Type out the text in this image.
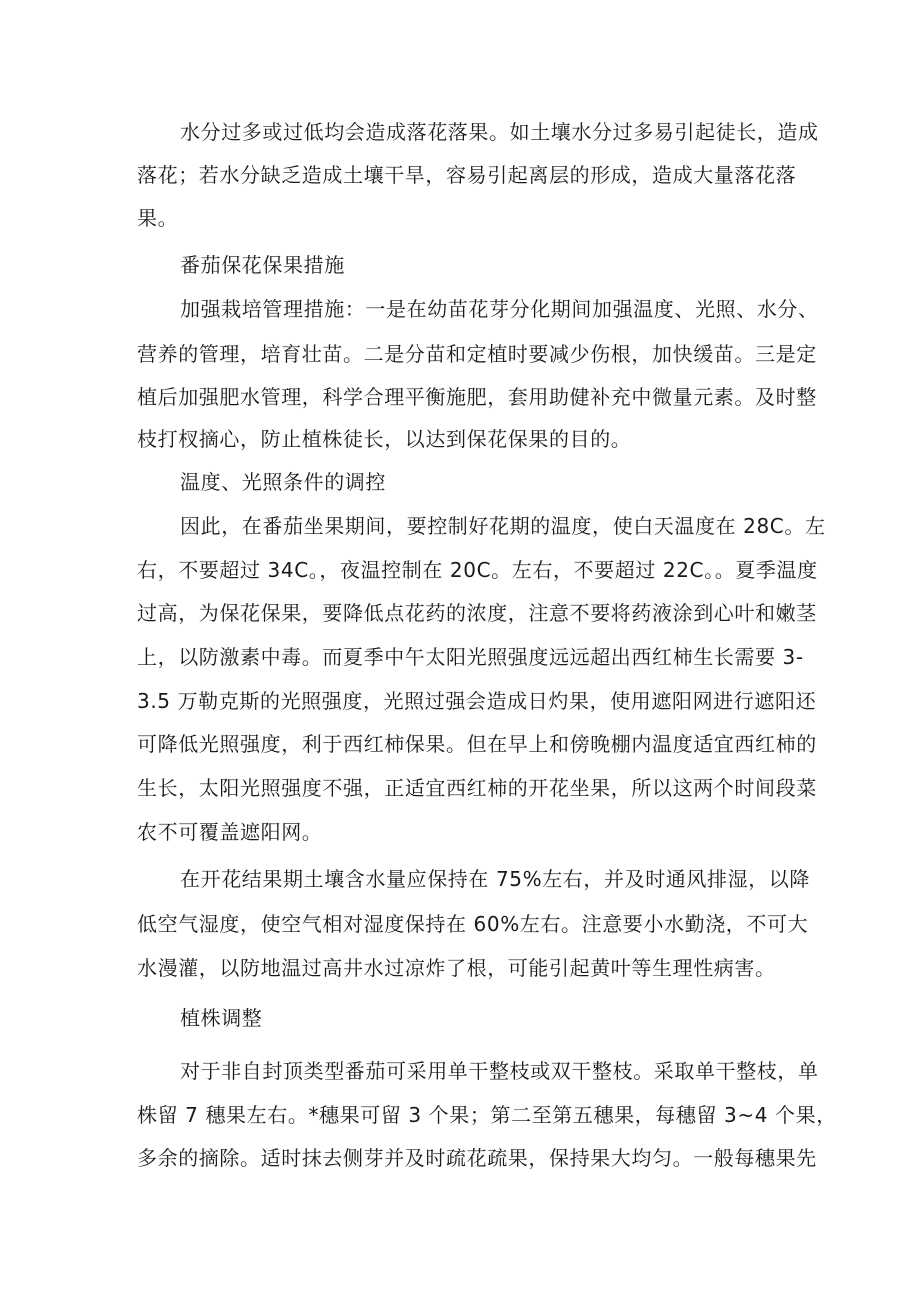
水分过多或过低均会造成落花落果。如土壤水分过多易引起徒长，造成
落花；若水分缺乏造成土壤干旱，容易引起离层的形成，造成大量落花落
果。
番茄保花保果措施
加强栽培管理措施：一是在幼苗花芽分化期间加强温度、光照、水分、
营养的管理，培育壮苗。二是分苗和定植时要减少伤根，加快缓苗。三是定
植后加强肥水管理，科学合理平衡施肥，套用助健补充中微量元素。及时整
枝打杈摘心，防止植株徒长，以达到保花保果的目的。
温度、光照条件的调控
因此，在番茄坐果期间，要控制好花期的温度，使白天温度在 28C。左
右，不要超过 34C。，夜温控制在 20C。左右，不要超过 22C。。夏季温度
过高，为保花保果，要降低点花药的浓度，注意不要将药液涂到心叶和嫩茎
上，以防激素中毒。而夏季中午太阳光照强度远远超出西红柿生长需要 3-
3.5 万勒克斯的光照强度，光照过强会造成日灼果，使用遮阳网进行遮阳还
可降低光照强度，利于西红柿保果。但在早上和傍晚棚内温度适宜西红柿的
生长，太阳光照强度不强，正适宜西红柿的开花坐果，所以这两个时间段菜
农不可覆盖遮阳网。
在开花结果期土壤含水量应保持在 75%左右，并及时通风排湿，以降
低空气湿度，使空气相对湿度保持在 60%左右。注意要小水勤浇，不可大
水漫灌，以防地温过高井水过凉炸了根，可能引起黄叶等生理性病害。
植株调整
对于非自封顶类型番茄可采用单干整枝或双干整枝。采取单干整枝，单
株留 7 穗果左右。*穗果可留 3 个果；第二至第五穗果，每穗留 3~4 个果，
多余的摘除。适时抹去侧芽并及时疏花疏果，保持果大均匀。一般每穗果先
